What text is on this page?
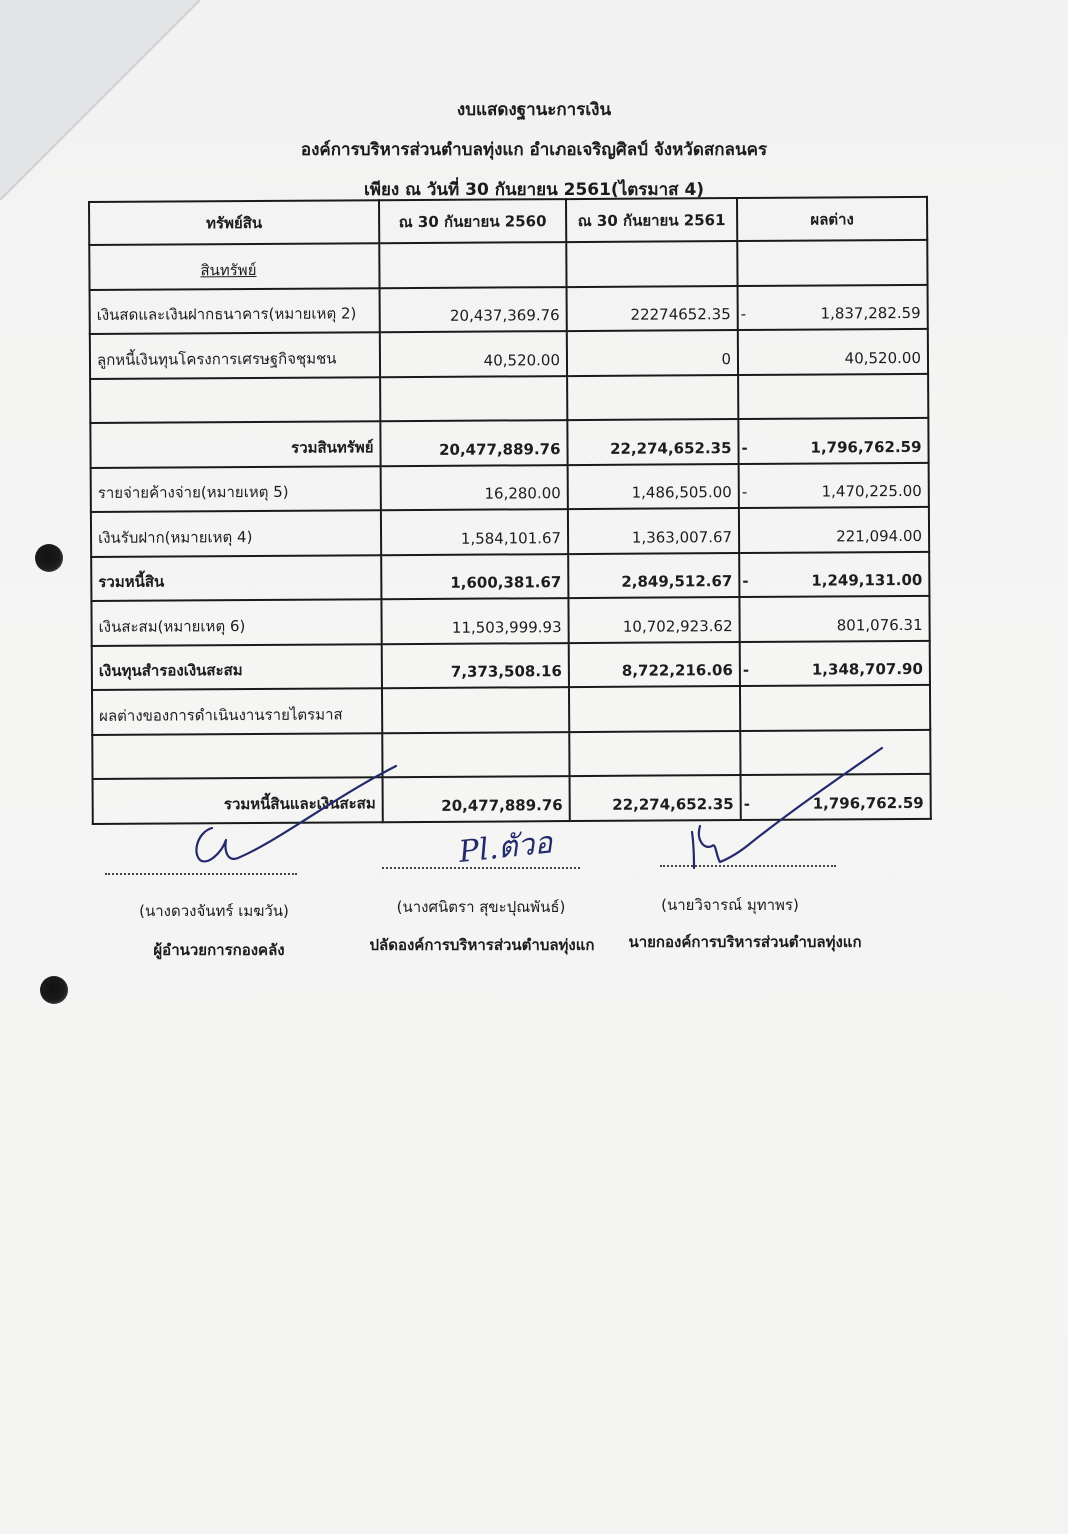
งบแสดงฐานะการเงิน
องค์การบริหารส่วนตำบลทุ่งแก อำเภอเจริญศิลป์ จังหวัดสกลนคร
เพียง ณ วันที่ 30 กันยายน 2561(ไตรมาส 4)
ทรัพย์สิน	ณ 30 กันยายน 2560	ณ 30 กันยายน 2561	ผลต่าง
สินทรัพย์			
เงินสดและเงินฝากธนาคาร(หมายเหตุ 2)	20,437,369.76	22274652.35	- 1,837,282.59
ลูกหนี้เงินทุนโครงการเศรษฐกิจชุมชน	40,520.00	0	40,520.00

รวมสินทรัพย์	20,477,889.76	22,274,652.35	- 1,796,762.59
รายจ่ายค้างจ่าย(หมายเหตุ 5)	16,280.00	1,486,505.00	- 1,470,225.00
เงินรับฝาก(หมายเหตุ 4)	1,584,101.67	1,363,007.67	221,094.00
รวมหนี้สิน	1,600,381.67	2,849,512.67	- 1,249,131.00
เงินสะสม(หมายเหตุ 6)	11,503,999.93	10,702,923.62	801,076.31
เงินทุนสำรองเงินสะสม	7,373,508.16	8,722,216.06	- 1,348,707.90
ผลต่างของการดำเนินงานรายไตรมาส			

รวมหนี้สินและเงินสะสม	20,477,889.76	22,274,652.35	- 1,796,762.59
Pl.ตัวอ
(นางดวงจันทร์ เมฆวัน)
ผู้อำนวยการกองคลัง
(นางศนิตรา สุขะปุณพันธ์)
ปลัดองค์การบริหารส่วนตำบลทุ่งแก
(นายวิจารณ์ มุทาพร)
นายกองค์การบริหารส่วนตำบลทุ่งแก
